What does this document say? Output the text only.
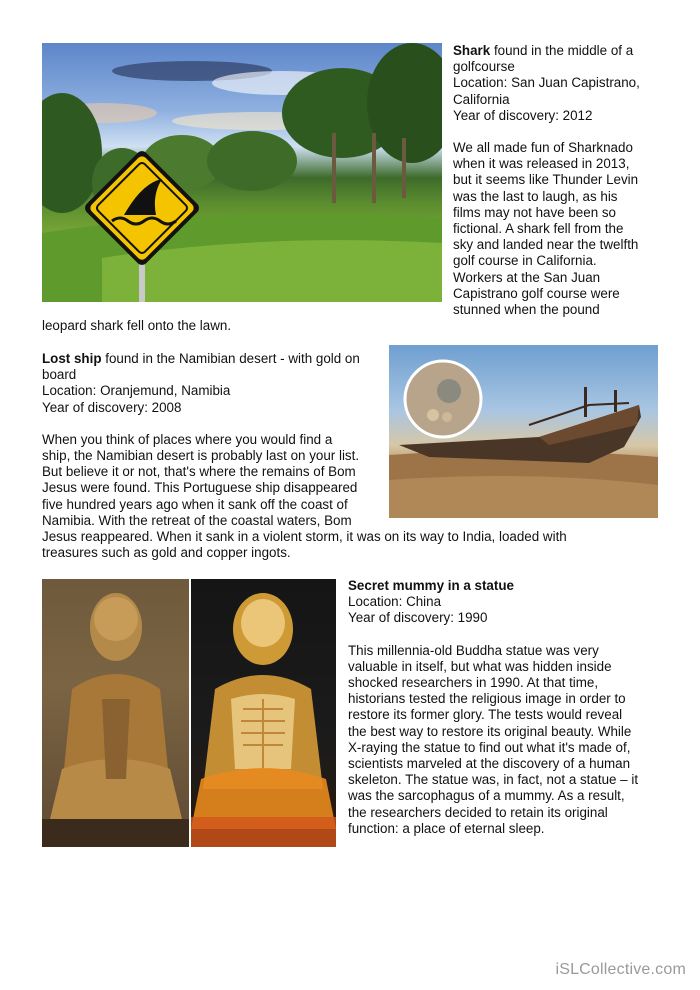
Shark found in the middle of a
golfcourse
Location: San Juan Capistrano,
California
Year of discovery: 2012
We all made fun of Sharknado
when it was released in 2013,
but it seems like Thunder Levin
was the last to laugh, as his
films may not have been so
fictional. A shark fell from the
sky and landed near the twelfth
golf course in California.
Workers at the San Juan
Capistrano golf course were
stunned when the pound
leopard shark fell onto the lawn.
Lost ship found in the Namibian desert - with gold on
board
Location: Oranjemund, Namibia
Year of discovery: 2008
When you think of places where you would find a
ship, the Namibian desert is probably last on your list.
But believe it or not, that's where the remains of Bom
Jesus were found. This Portuguese ship disappeared
five hundred years ago when it sank off the coast of
Namibia. With the retreat of the coastal waters, Bom
Jesus reappeared. When it sank in a violent storm, it was on its way to India, loaded with
treasures such as gold and copper ingots.
Secret mummy in a statue
Location: China
Year of discovery: 1990
This millennia-old Buddha statue was very
valuable in itself, but what was hidden inside
shocked researchers in 1990. At that time,
historians tested the religious image in order to
restore its former glory. The tests would reveal
the best way to restore its original beauty. While
X-raying the statue to find out what it's made of,
scientists marveled at the discovery of a human
skeleton. The statue was, in fact, not a statue – it
was the sarcophagus of a mummy. As a result,
the researchers decided to retain its original
function: a place of eternal sleep.
iSLCollective.com
